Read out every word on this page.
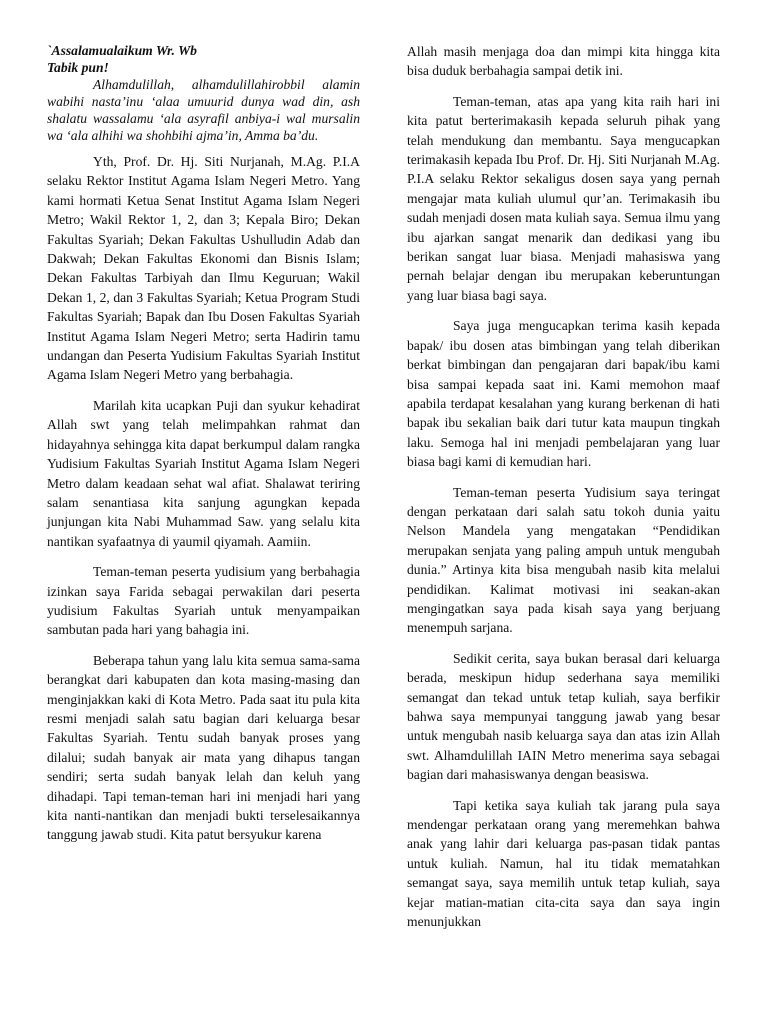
`Assalamualaikum Wr. Wb
Tabik pun!

Alhamdulillah, alhamdulillahirobbil alamin wabihi nasta’inu ‘alaa umuurid dunya wad din, ash shalatu wassalamu ‘ala asyrafil anbiya-i wal mursalin wa ‘ala alhihi wa shohbihi ajma’in, Amma ba’du.

Yth, Prof. Dr. Hj. Siti Nurjanah, M.Ag. P.I.A selaku Rektor Institut Agama Islam Negeri Metro. Yang kami hormati Ketua Senat Institut Agama Islam Negeri Metro; Wakil Rektor 1, 2, dan 3; Kepala Biro; Dekan Fakultas Syariah; Dekan Fakultas Ushulludin Adab dan Dakwah; Dekan Fakultas Ekonomi dan Bisnis Islam; Dekan Fakultas Tarbiyah dan Ilmu Keguruan; Wakil Dekan 1, 2, dan 3 Fakultas Syariah; Ketua Program Studi Fakultas Syariah; Bapak dan Ibu Dosen Fakultas Syariah Institut Agama Islam Negeri Metro; serta Hadirin tamu undangan dan Peserta Yudisium Fakultas Syariah Institut Agama Islam Negeri Metro yang berbahagia.

Marilah kita ucapkan Puji dan syukur kehadirat Allah swt yang telah melimpahkan rahmat dan hidayahnya sehingga kita dapat berkumpul dalam rangka Yudisium Fakultas Syariah Institut Agama Islam Negeri Metro dalam keadaan sehat wal afiat. Shalawat teriring salam senantiasa kita sanjung agungkan kepada junjungan kita Nabi Muhammad Saw. yang selalu kita nantikan syafaatnya di yaumil qiyamah. Aamiin.

Teman-teman peserta yudisium yang berbahagia izinkan saya Farida sebagai perwakilan dari peserta yudisium Fakultas Syariah untuk menyampaikan sambutan pada hari yang bahagia ini.

Beberapa tahun yang lalu kita semua sama-sama berangkat dari kabupaten dan kota masing-masing dan menginjakkan kaki di Kota Metro. Pada saat itu pula kita resmi menjadi salah satu bagian dari keluarga besar Fakultas Syariah. Tentu sudah banyak proses yang dilalui; sudah banyak air mata yang dihapus tangan sendiri; serta sudah banyak lelah dan keluh yang dihadapi. Tapi teman-teman hari ini menjadi hari yang kita nanti-nantikan dan menjadi bukti terselesaikannya tanggung jawab studi. Kita patut bersyukur karena

Allah masih menjaga doa dan mimpi kita hingga kita bisa duduk berbahagia sampai detik ini.

Teman-teman, atas apa yang kita raih hari ini kita patut berterimakasih kepada seluruh pihak yang telah mendukung dan membantu. Saya mengucapkan terimakasih kepada Ibu Prof. Dr. Hj. Siti Nurjanah M.Ag. P.I.A selaku Rektor sekaligus dosen saya yang pernah mengajar mata kuliah ulumul qur’an. Terimakasih ibu sudah menjadi dosen mata kuliah saya. Semua ilmu yang ibu ajarkan sangat menarik dan dedikasi yang ibu berikan sangat luar biasa. Menjadi mahasiswa yang pernah belajar dengan ibu merupakan keberuntungan yang luar biasa bagi saya.

Saya juga mengucapkan terima kasih kepada bapak/ ibu dosen atas bimbingan yang telah diberikan berkat bimbingan dan pengajaran dari bapak/ibu kami bisa sampai kepada saat ini. Kami memohon maaf apabila terdapat kesalahan yang kurang berkenan di hati bapak ibu sekalian baik dari tutur kata maupun tingkah laku. Semoga hal ini menjadi pembelajaran yang luar biasa bagi kami di kemudian hari.

Teman-teman peserta Yudisium saya teringat dengan perkataan dari salah satu tokoh dunia yaitu Nelson Mandela yang mengatakan “Pendidikan merupakan senjata yang paling ampuh untuk mengubah dunia.” Artinya kita bisa mengubah nasib kita melalui pendidikan. Kalimat motivasi ini seakan-akan mengingatkan saya pada kisah saya yang berjuang menempuh sarjana.

Sedikit cerita, saya bukan berasal dari keluarga berada, meskipun hidup sederhana saya memiliki semangat dan tekad untuk tetap kuliah, saya berfikir bahwa saya mempunyai tanggung jawab yang besar untuk mengubah nasib keluarga saya dan atas izin Allah swt. Alhamdulillah IAIN Metro menerima saya sebagai bagian dari mahasiswanya dengan beasiswa.

Tapi ketika saya kuliah tak jarang pula saya mendengar perkataan orang yang meremehkan bahwa anak yang lahir dari keluarga pas-pasan tidak pantas untuk kuliah. Namun, hal itu tidak mematahkan semangat saya, saya memilih untuk tetap kuliah, saya kejar matian-matian cita-cita saya dan saya ingin menunjukkan
